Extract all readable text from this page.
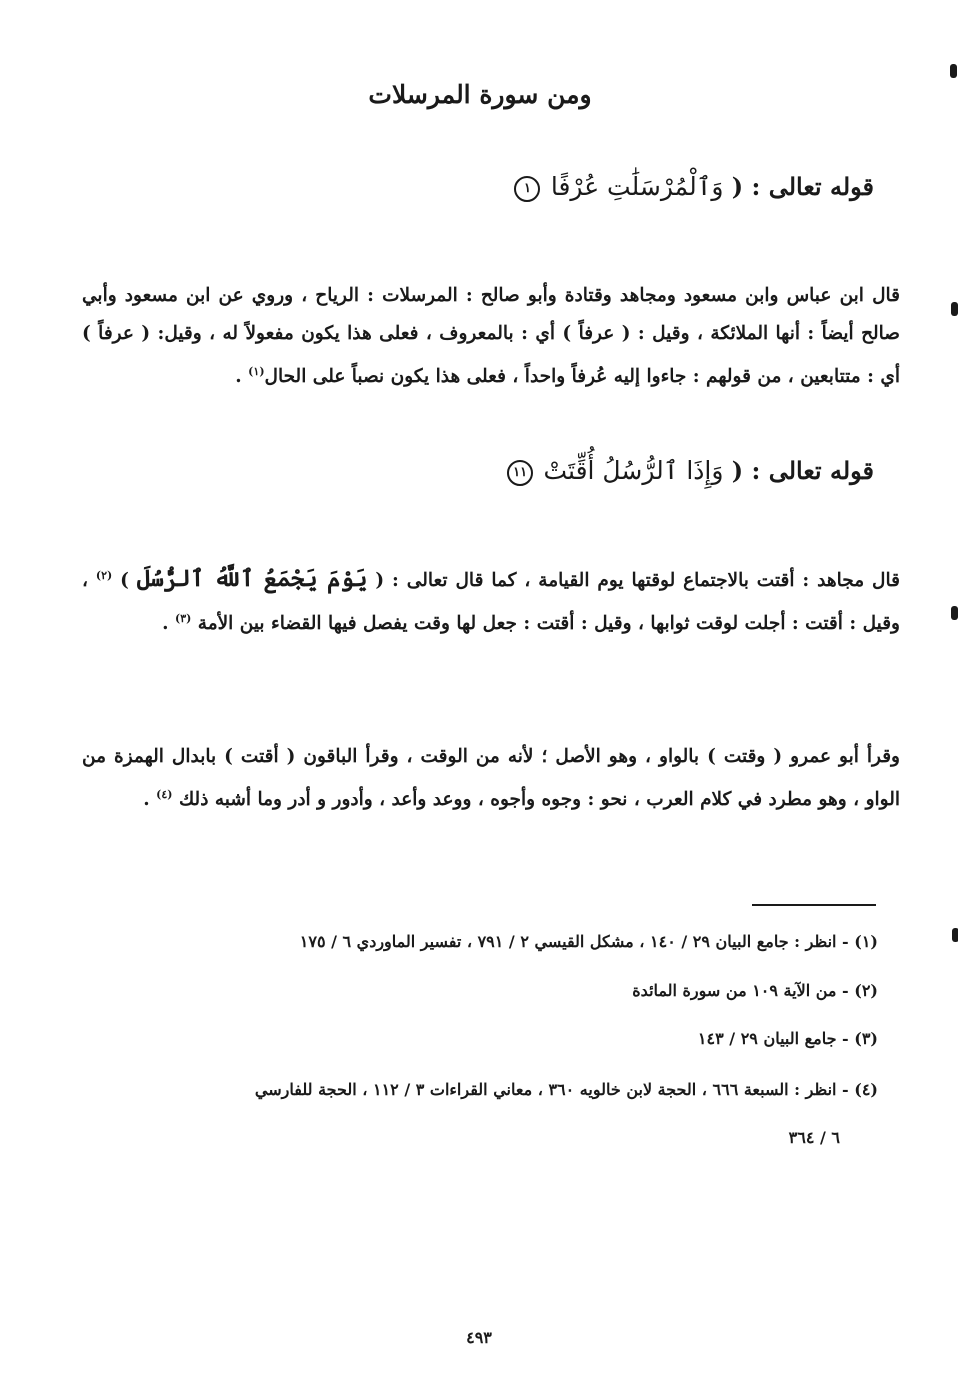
ومن سورة المرسلات
قوله تعالى : ( وَٱلْمُرْسَلَٰتِ عُرْفًا ١
قال ابن عباس وابن مسعود ومجاهد وقتادة وأبو صالح : المرسلات : الرياح ، وروي عن ابن مسعود وأبي صالح أيضاً : أنها الملائكة ، وقيل : ( عرفاً ) أي : بالمعروف ، فعلى هذا يكون مفعولاً له ، وقيل: ( عرفاً ) أي : متتابعين ، من قولهم : جاءوا إليه عُرفاً واحداً ، فعلى هذا يكون نصباً على الحال$^{(١)}$ .
قوله تعالى : ( وَإِذَا ٱلرُّسُلُ أُقِّتَتْ ١١
قال مجاهد : أقتت بالاجتماع لوقتها يوم القيامة ، كما قال تعالى : ( يَوْمَ يَجْمَعُ ٱللَّهُ ٱلرُّسُلَ ) $^{(٢)}$ ، وقيل : أقتت : أجلت لوقت ثوابها ، وقيل : أقتت : جعل لها وقت يفصل فيها القضاء بين الأمة $^{(٣)}$ .
وقرأ أبو عمرو ( وقتت ) بالواو ، وهو الأصل ؛ لأنه من الوقت ، وقرأ الباقون ( أقتت ) بابدال الهمزة من الواو ، وهو مطرد في كلام العرب ، نحو : وجوه وأجوه ، ووعد وأعد ، وأدور و أدر وما أشبه ذلك $^{(٤)}$ .
(١) - انظر : جامع البيان ٢٩ / ١٤٠ ، مشكل القيسي ٢ / ٧٩١ ، تفسير الماوردي ٦ / ١٧٥
(٢) - من الآية ١٠٩ من سورة المائدة
(٣) - جامع البيان ٢٩ / ١٤٣
(٤) - انظر : السبعة ٦٦٦ ، الحجة لابن خالويه ٣٦٠ ، معاني القراءات ٣ / ١١٢ ، الحجة للفارسي
٦ / ٣٦٤
٤٩٣
